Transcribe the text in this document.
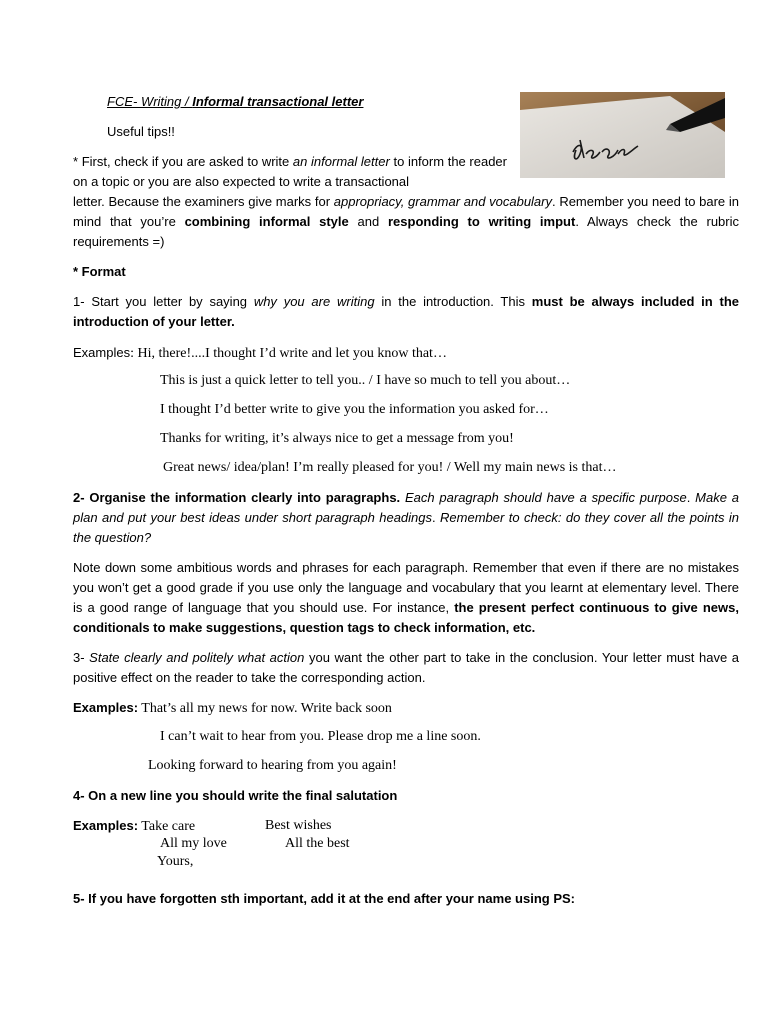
FCE- Writing / Informal transactional letter
Useful tips!!
* First, check if you are asked to write an informal letter to inform the reader on a topic or you are also expected to write a transactional
letter. Because the examiners give marks for appropriacy, grammar and vocabulary. Remember you need to bare in mind that you’re combining informal style and responding to writing imput. Always check the rubric requirements =)
* Format
1- Start you letter by saying why you are writing in the introduction. This must be always included in the introduction of your letter.
Examples: Hi, there!....I thought I’d write and let you know that…
This is just a quick letter to tell you.. / I have so much to tell you about…
I thought I’d better write to give you the information you asked for…
Thanks for writing, it’s always nice to get a message from you!
Great news/ idea/plan! I’m really pleased for you! / Well my main news is that…
2- Organise the information clearly into paragraphs. Each paragraph should have a specific purpose. Make a plan and put your best ideas under short paragraph headings. Remember to check: do they cover all the points in the question?
Note down some ambitious words and phrases for each paragraph. Remember that even if there are no mistakes you won’t get a good grade if you use only the language and vocabulary that you learnt at elementary level. There is a good range of language that you should use. For instance, the present perfect continuous to give news, conditionals to make suggestions, question tags to check information, etc.
3- State clearly and politely what action you want the other part to take in the conclusion. Your letter must have a positive effect on the reader to take the corresponding action.
Examples: That’s all my news for now. Write back soon
I can’t wait to hear from you. Please drop me a line soon.
Looking forward to hearing from you again!
4- On a new line you should write the final salutation
Examples: Take care	Best wishes
All my love	All the best
Yours,
5- If you have forgotten sth important, add it at the end after your name using PS:
